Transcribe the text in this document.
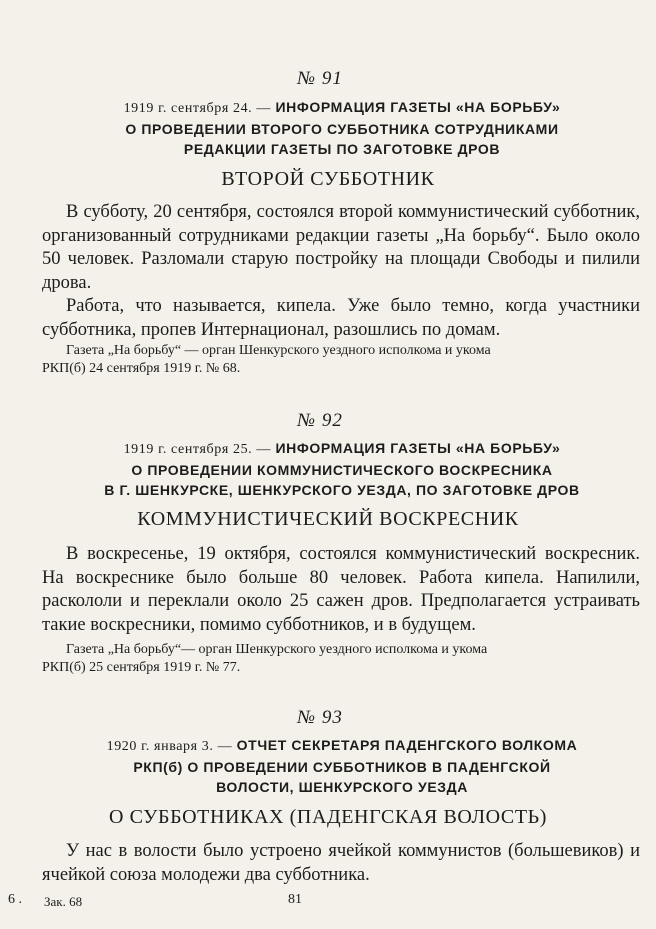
№ 91
1919 г. сентября 24. — ИНФОРМАЦИЯ ГАЗЕТЫ «НА БОРЬБУ»
О ПРОВЕДЕНИИ ВТОРОГО СУББОТНИКА СОТРУДНИКАМИ
РЕДАКЦИИ ГАЗЕТЫ ПО ЗАГОТОВКЕ ДРОВ
ВТОРОЙ СУББОТНИК

В субботу, 20 сентября, состоялся второй коммунистический субботник, организованный сотрудниками редакции газеты „На борьбу“. Было около 50 человек. Разломали старую постройку на площади Свободы и пилили дрова.

Работа, что называется, кипела. Уже было темно, когда участники субботника, пропев Интернационал, разошлись по домам.

Газета „На борьбу“ — орган Шенкурского уездного исполкома и укома
РКП(б) 24 сентября 1919 г. № 68.
№ 92
1919 г. сентября 25. — ИНФОРМАЦИЯ ГАЗЕТЫ «НА БОРЬБУ»
О ПРОВЕДЕНИИ КОММУНИСТИЧЕСКОГО ВОСКРЕСНИКА
В Г. ШЕНКУРСКЕ, ШЕНКУРСКОГО УЕЗДА, ПО ЗАГОТОВКЕ ДРОВ
КОММУНИСТИЧЕСКИЙ ВОСКРЕСНИК

В воскресенье, 19 октября, состоялся коммунистический воскресник. На воскреснике было больше 80 человек. Работа кипела. Напилили, раскололи и переклали около 25 сажен дров. Предполагается устраивать такие воскресники, помимо субботников, и в будущем.

Газета „На борьбу“— орган Шенкурского уездного исполкома и укома
РКП(б) 25 сентября 1919 г. № 77.
№ 93
1920 г. января 3. — ОТЧЕТ СЕКРЕТАРЯ ПАДЕНГСКОГО ВОЛКОМА
РКП(б) О ПРОВЕДЕНИИ СУББОТНИКОВ В ПАДЕНГСКОЙ
ВОЛОСТИ, ШЕНКУРСКОГО УЕЗДА
О СУББОТНИКАХ (ПАДЕНГСКАЯ ВОЛОСТЬ)

У нас в волости было устроено ячейкой коммунистов (большевиков) и ячейкой союза молодежи два субботника.

6 . Зак. 68	81
